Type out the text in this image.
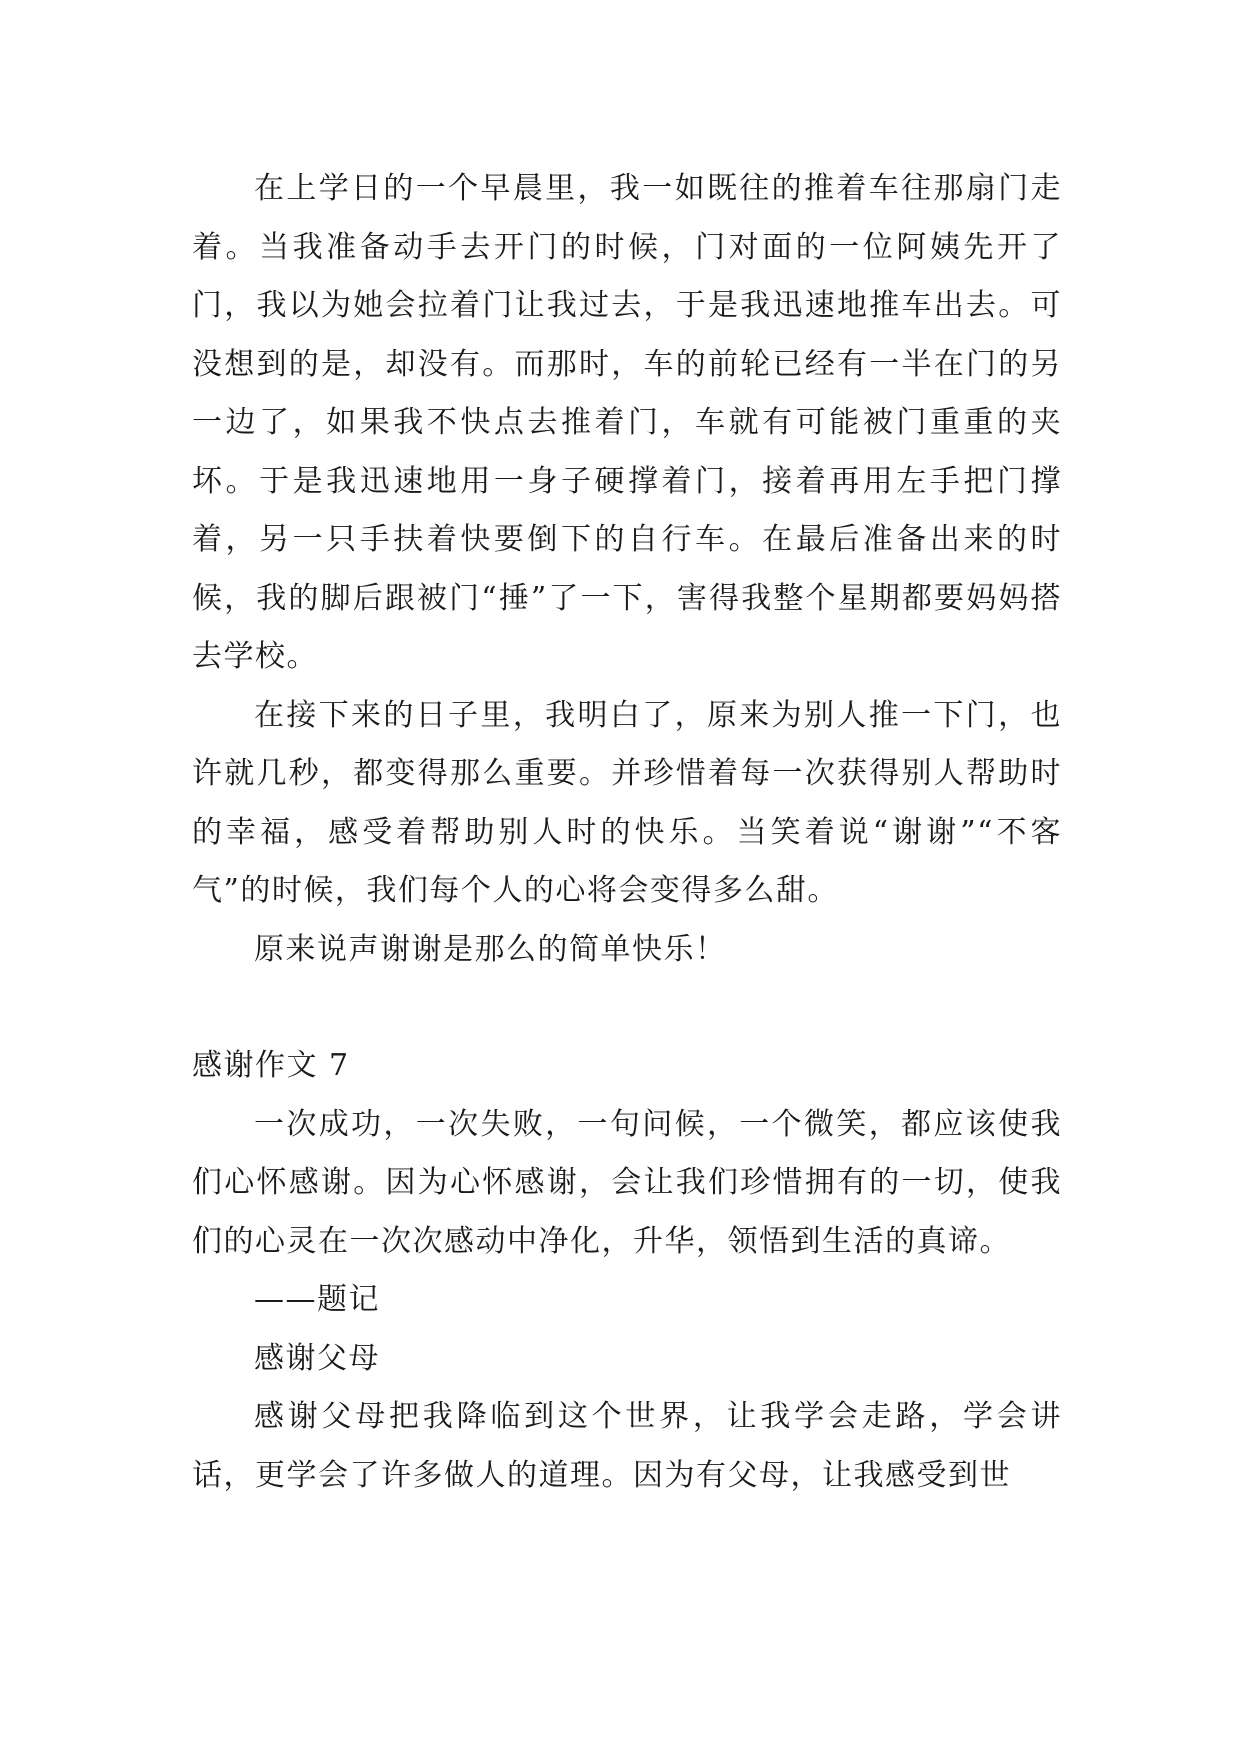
在上学日的一个早晨里，我一如既往的推着车往那扇门走着。当我准备动手去开门的时候，门对面的一位阿姨先开了门，我以为她会拉着门让我过去，于是我迅速地推车出去。可没想到的是，却没有。而那时，车的前轮已经有一半在门的另一边了，如果我不快点去推着门，车就有可能被门重重的夹坏。于是我迅速地用一身子硬撑着门，接着再用左手把门撑着，另一只手扶着快要倒下的自行车。在最后准备出来的时候，我的脚后跟被门“捶”了一下，害得我整个星期都要妈妈搭去学校。

在接下来的日子里，我明白了，原来为别人推一下门，也许就几秒，都变得那么重要。并珍惜着每一次获得别人帮助时的幸福，感受着帮助别人时的快乐。当笑着说“谢谢”“不客气”的时候，我们每个人的心将会变得多么甜。

原来说声谢谢是那么的简单快乐！

感谢作文 7

一次成功，一次失败，一句问候，一个微笑，都应该使我们心怀感谢。因为心怀感谢，会让我们珍惜拥有的一切，使我们的心灵在一次次感动中净化，升华，领悟到生活的真谛。

——题记

感谢父母

感谢父母把我降临到这个世界，让我学会走路，学会讲话，更学会了许多做人的道理。因为有父母，让我感受到世
